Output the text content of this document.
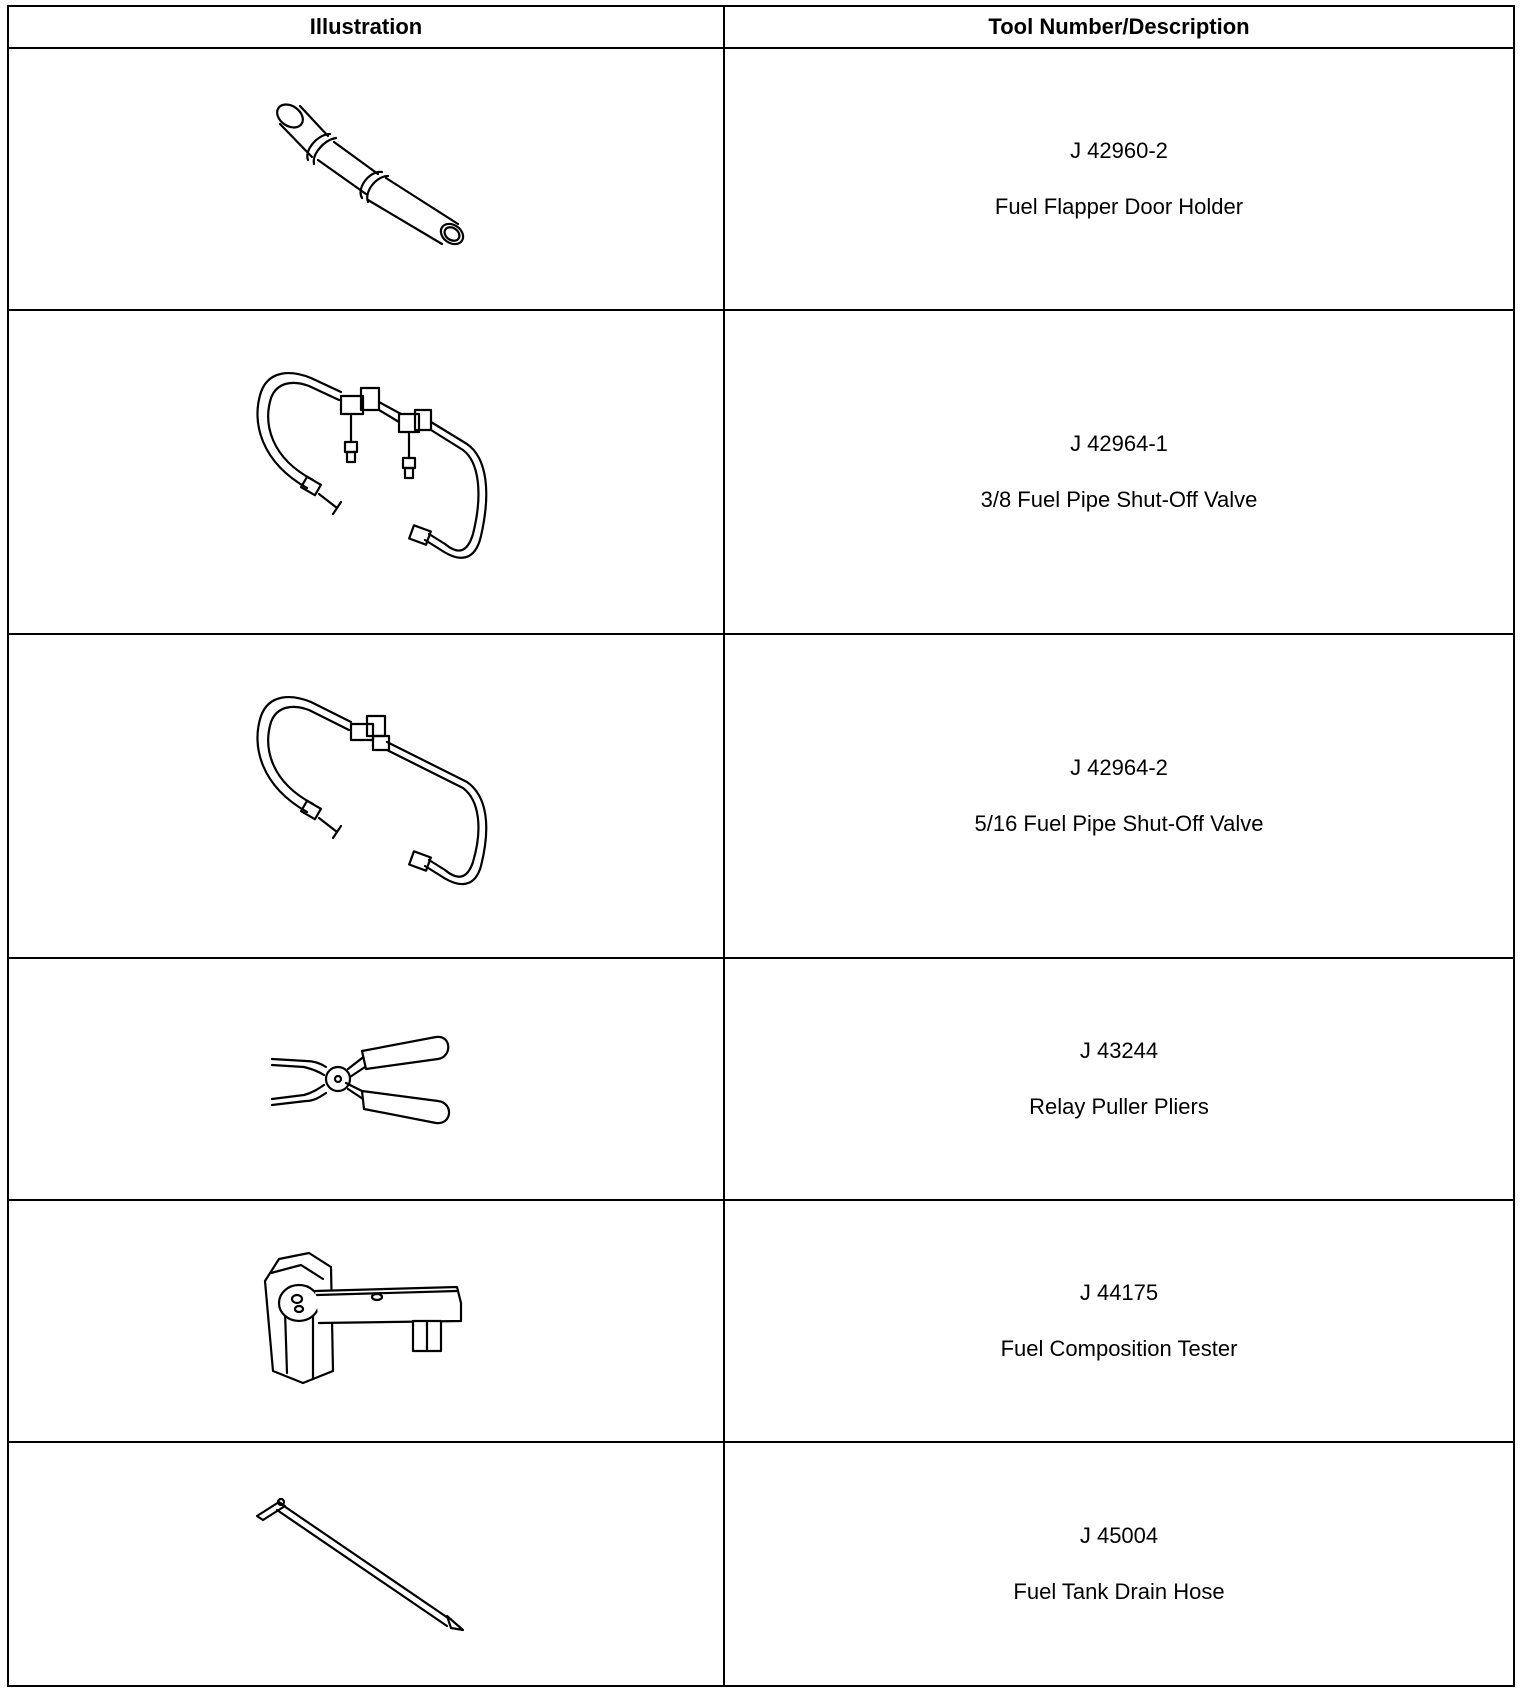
Illustration	Tool Number/Description

J 42960-2
Fuel Flapper Door Holder

J 42964-1
3/8 Fuel Pipe Shut-Off Valve

J 42964-2
5/16 Fuel Pipe Shut-Off Valve

J 43244
Relay Puller Pliers

J 44175
Fuel Composition Tester

J 45004
Fuel Tank Drain Hose
